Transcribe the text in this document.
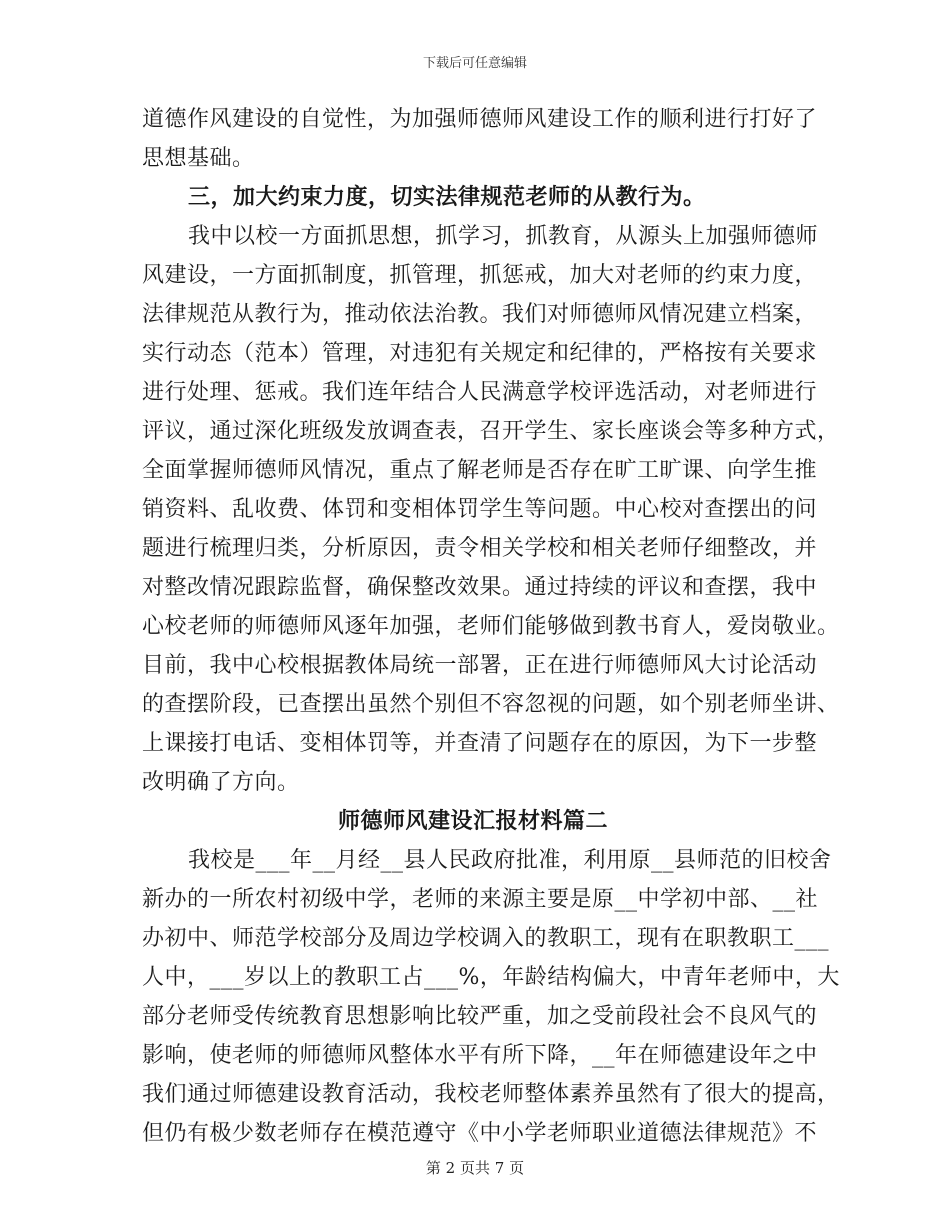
下载后可任意编辑
道德作风建设的自觉性，为加强师德师风建设工作的顺利进行打好了
思想基础。
三，加大约束力度，切实法律规范老师的从教行为。
我中以校一方面抓思想，抓学习，抓教育，从源头上加强师德师
风建设，一方面抓制度，抓管理，抓惩戒，加大对老师的约束力度，
法律规范从教行为，推动依法治教。我们对师德师风情况建立档案，
实行动态（范本）管理，对违犯有关规定和纪律的，严格按有关要求
进行处理、惩戒。我们连年结合人民满意学校评选活动，对老师进行
评议，通过深化班级发放调查表，召开学生、家长座谈会等多种方式，
全面掌握师德师风情况，重点了解老师是否存在旷工旷课、向学生推
销资料、乱收费、体罚和变相体罚学生等问题。中心校对查摆出的问
题进行梳理归类，分析原因，责令相关学校和相关老师仔细整改，并
对整改情况跟踪监督，确保整改效果。通过持续的评议和查摆，我中
心校老师的师德师风逐年加强，老师们能够做到教书育人，爱岗敬业。
目前，我中心校根据教体局统一部署，正在进行师德师风大讨论活动
的查摆阶段，已查摆出虽然个别但不容忽视的问题，如个别老师坐讲、
上课接打电话、变相体罚等，并查清了问题存在的原因，为下一步整
改明确了方向。
师德师风建设汇报材料篇二
我校是___年__月经__县人民政府批准，利用原__县师范的旧校舍
新办的一所农村初级中学，老师的来源主要是原__中学初中部、__社
办初中、师范学校部分及周边学校调入的教职工，现有在职教职工___
人中，___岁以上的教职工占___%，年龄结构偏大，中青年老师中，大
部分老师受传统教育思想影响比较严重，加之受前段社会不良风气的
影响，使老师的师德师风整体水平有所下降，__年在师德建设年之中
我们通过师德建设教育活动，我校老师整体素养虽然有了很大的提高，
但仍有极少数老师存在模范遵守《中小学老师职业道德法律规范》不
第 2 页共 7 页
